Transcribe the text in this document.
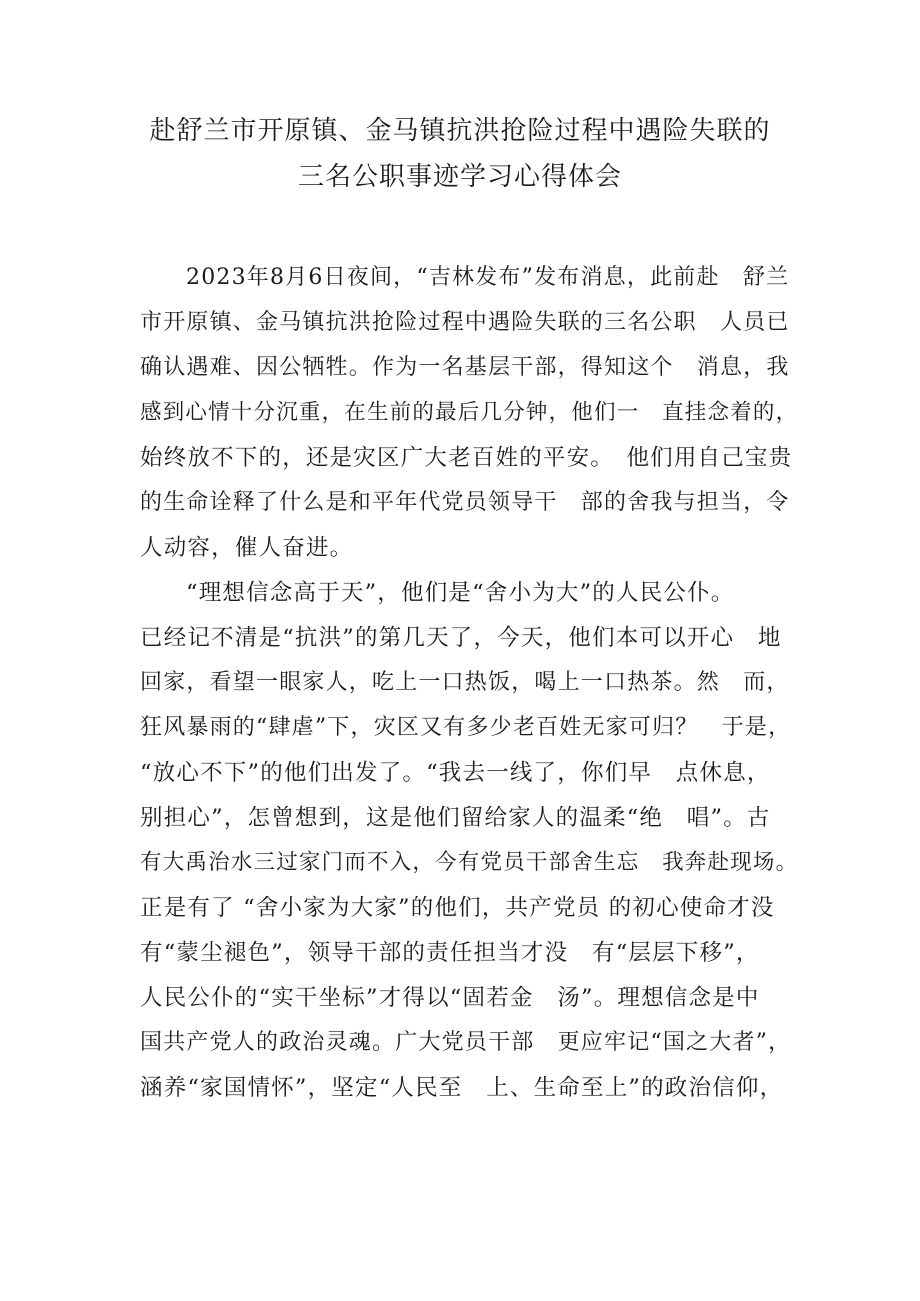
赴舒兰市开原镇、金马镇抗洪抢险过程中遇险失联的
三名公职事迹学习心得体会
2023年8月6日夜间，“吉林发布”发布消息，此前赴　舒兰
市开原镇、金马镇抗洪抢险过程中遇险失联的三名公职　人员已
确认遇难、因公牺牲。作为一名基层干部，得知这个　消息，我
感到心情十分沉重，在生前的最后几分钟，他们一　直挂念着的，
始终放不下的，还是灾区广大老百姓的平安。　他们用自己宝贵
的生命诠释了什么是和平年代党员领导干　部的舍我与担当，令
人动容，催人奋进。
“理想信念高于天”，他们是“舍小为大”的人民公仆。
已经记不清是“抗洪”的第几天了，今天，他们本可以开心　地
回家，看望一眼家人，吃上一口热饭，喝上一口热茶。然　而，
狂风暴雨的“肆虐”下，灾区又有多少老百姓无家可归？　于是，
“放心不下”的他们出发了。“我去一线了，你们早　点休息，
别担心”，怎曾想到，这是他们留给家人的温柔“绝　唱”。古
有大禹治水三过家门而不入，今有党员干部舍生忘　我奔赴现场。
正是有了 “舍小家为大家”的他们，共产党员 的初心使命才没
有“蒙尘褪色”，领导干部的责任担当才没　有“层层下移”，
人民公仆的“实干坐标”才得以“固若金　汤”。理想信念是中
国共产党人的政治灵魂。广大党员干部　更应牢记“国之大者”，
涵养“家国情怀”，坚定“人民至　上、生命至上”的政治信仰，
